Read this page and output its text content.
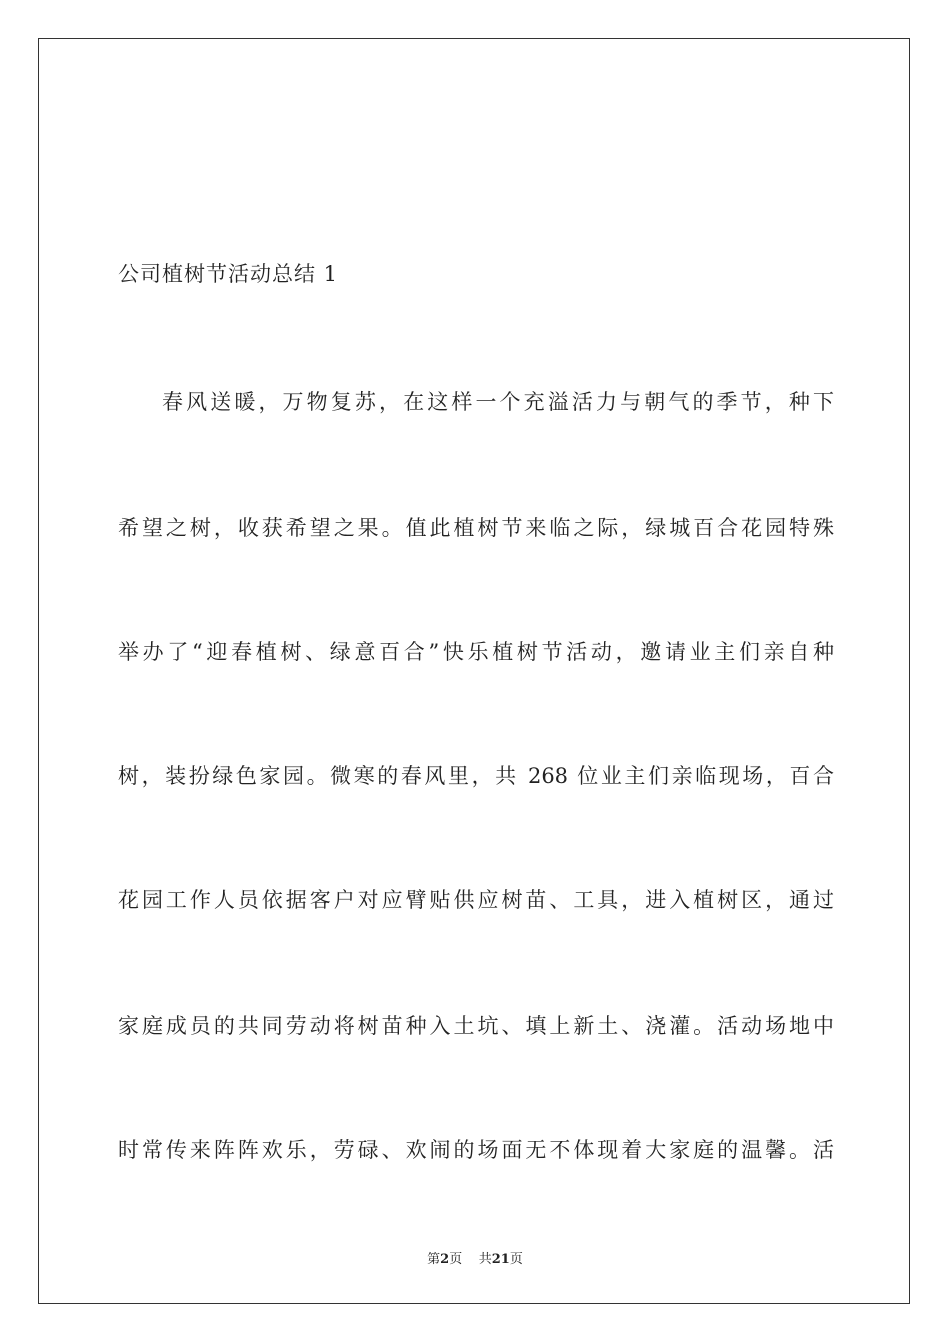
公司植树节活动总结 1
春风送暖，万物复苏，在这样一个充溢活力与朝气的季节，种下
希望之树，收获希望之果。值此植树节来临之际，绿城百合花园特殊
举办了“迎春植树、绿意百合”快乐植树节活动，邀请业主们亲自种
树，装扮绿色家园。微寒的春风里，共 268 位业主们亲临现场，百合
花园工作人员依据客户对应臂贴供应树苗、工具，进入植树区，通过
家庭成员的共同劳动将树苗种入土坑、填上新土、浇灌。活动场地中
时常传来阵阵欢乐，劳碌、欢闹的场面无不体现着大家庭的温馨。活
第2页 共21页
